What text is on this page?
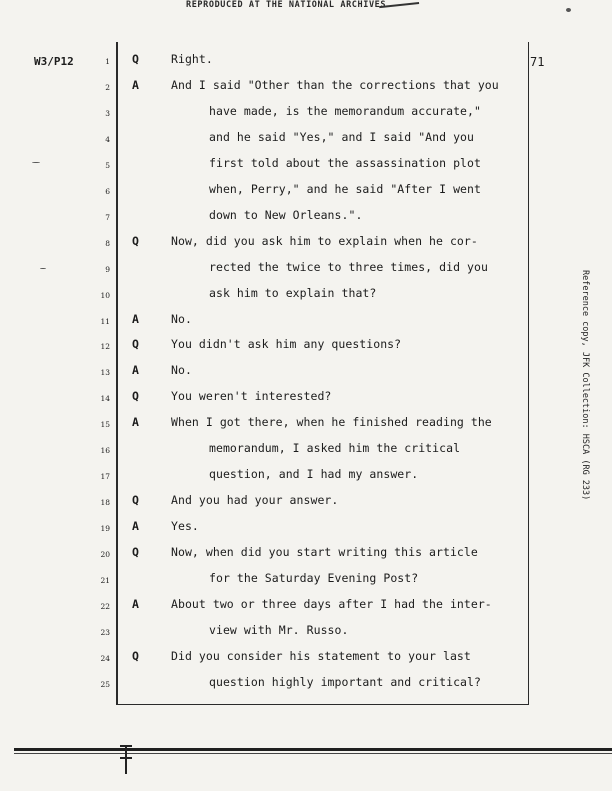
REPRODUCED AT THE NATIONAL ARCHIVES
W3/P12	71
1 Q	Right.
2 A	And I said "Other than the corrections that you
3	have made, is the memorandum accurate,"
4	and he said "Yes," and I said "And you
5	first told about the assassination plot
6	when, Perry," and he said "After I went
7	down to New Orleans.".
8 Q	Now, did you ask him to explain when he cor-
9	rected the twice to three times, did you
10	ask him to explain that?
11 A	No.
12 Q	You didn't ask him any questions?
13 A	No.
14 Q	You weren't interested?
15 A	When I got there, when he finished reading the
16	memorandum, I asked him the critical
17	question, and I had my answer.
18 Q	And you had your answer.
19 A	Yes.
20 Q	Now, when did you start writing this article
21	for the Saturday Evening Post?
22 A	About two or three days after I had the inter-
23	view with Mr. Russo.
24 Q	Did you consider his statement to your last
25	question highly important and critical?
Reference copy, JFK Collection: HSCA (RG 233)
